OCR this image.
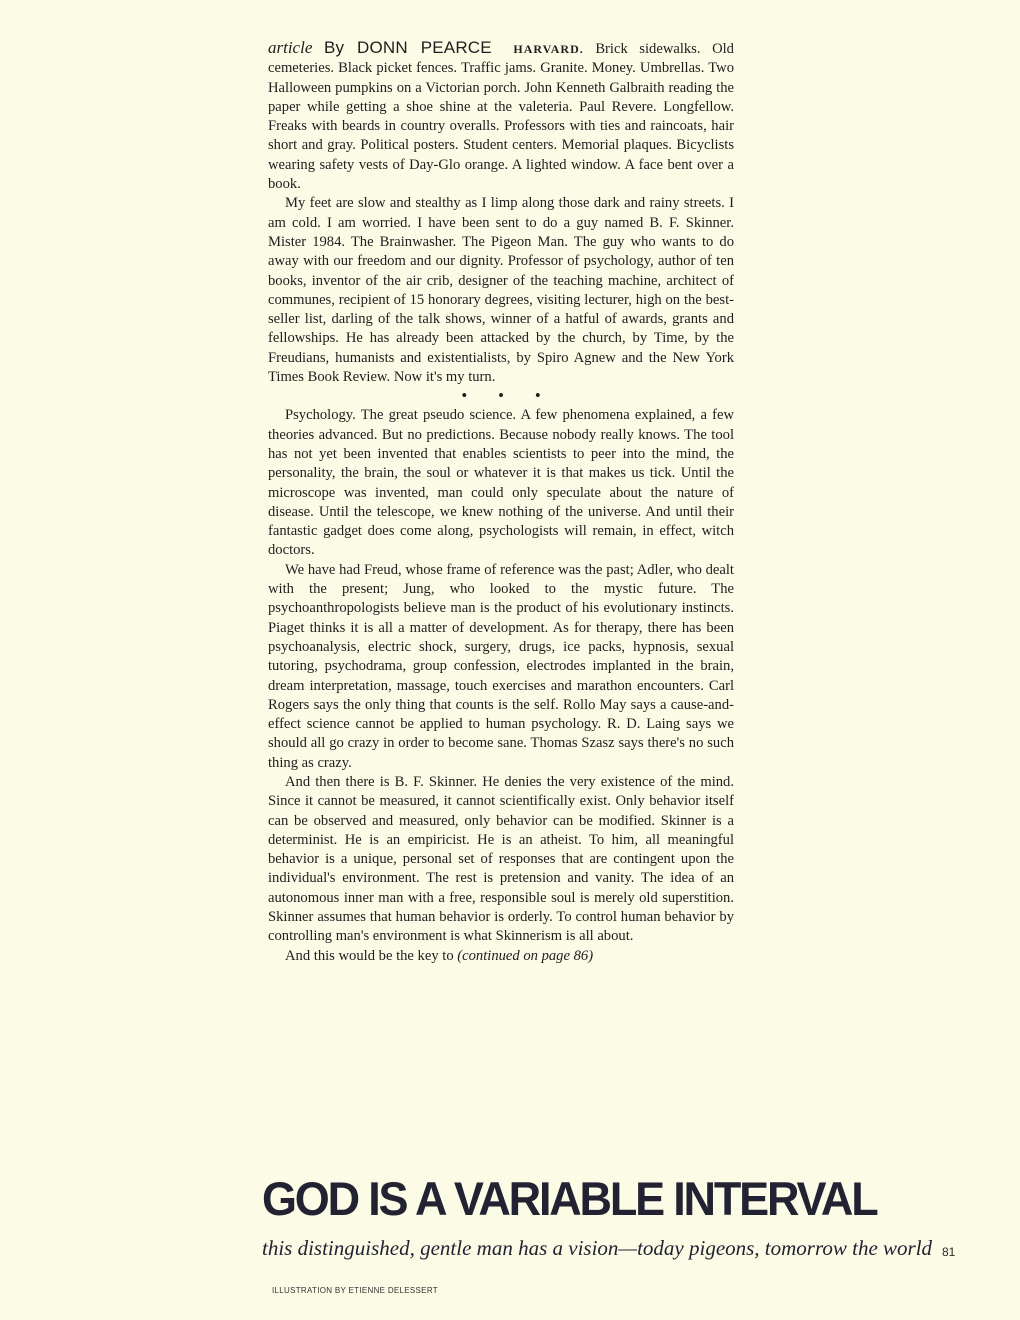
article By DONN PEARCE HARVARD. Brick sidewalks. Old cemeteries. Black picket fences. Traffic jams. Granite. Money. Umbrellas. Two Halloween pumpkins on a Victorian porch. John Kenneth Galbraith reading the paper while getting a shoe shine at the valeteria. Paul Revere. Longfellow. Freaks with beards in country overalls. Professors with ties and raincoats, hair short and gray. Political posters. Student centers. Memorial plaques. Bicyclists wearing safety vests of Day-Glo orange. A lighted window. A face bent over a book.

My feet are slow and stealthy as I limp along those dark and rainy streets. I am cold. I am worried. I have been sent to do a guy named B. F. Skinner. Mister 1984. The Brainwasher. The Pigeon Man. The guy who wants to do away with our freedom and our dignity. Professor of psychology, author of ten books, inventor of the air crib, designer of the teaching machine, architect of communes, recipient of 15 honorary degrees, visiting lecturer, high on the best-seller list, darling of the talk shows, winner of a hatful of awards, grants and fellowships. He has already been attacked by the church, by Time, by the Freudians, humanists and existentialists, by Spiro Agnew and the New York Times Book Review. Now it's my turn.

• • •

Psychology. The great pseudo science. A few phenomena explained, a few theories advanced. But no predictions. Because nobody really knows. The tool has not yet been invented that enables scientists to peer into the mind, the personality, the brain, the soul or whatever it is that makes us tick. Until the microscope was invented, man could only speculate about the nature of disease. Until the telescope, we knew nothing of the universe. And until their fantastic gadget does come along, psychologists will remain, in effect, witch doctors.

We have had Freud, whose frame of reference was the past; Adler, who dealt with the present; Jung, who looked to the mystic future. The psychoanthropologists believe man is the product of his evolutionary instincts. Piaget thinks it is all a matter of development. As for therapy, there has been psychoanalysis, electric shock, surgery, drugs, ice packs, hypnosis, sexual tutoring, psychodrama, group confession, electrodes implanted in the brain, dream interpretation, massage, touch exercises and marathon encounters. Carl Rogers says the only thing that counts is the self. Rollo May says a cause-and-effect science cannot be applied to human psychology. R. D. Laing says we should all go crazy in order to become sane. Thomas Szasz says there's no such thing as crazy.

And then there is B. F. Skinner. He denies the very existence of the mind. Since it cannot be measured, it cannot scientifically exist. Only behavior itself can be observed and measured, only behavior can be modified. Skinner is a determinist. He is an empiricist. He is an atheist. To him, all meaningful behavior is a unique, personal set of responses that are contingent upon the individual's environment. The rest is pretension and vanity. The idea of an autonomous inner man with a free, responsible soul is merely old superstition. Skinner assumes that human behavior is orderly. To control human behavior by controlling man's environment is what Skinnerism is all about.

And this would be the key to (continued on page 86)

GOD IS A VARIABLE INTERVAL

this distinguished, gentle man has a vision—today pigeons, tomorrow the world 81
ILLUSTRATION BY ETIENNE DELESSERT
